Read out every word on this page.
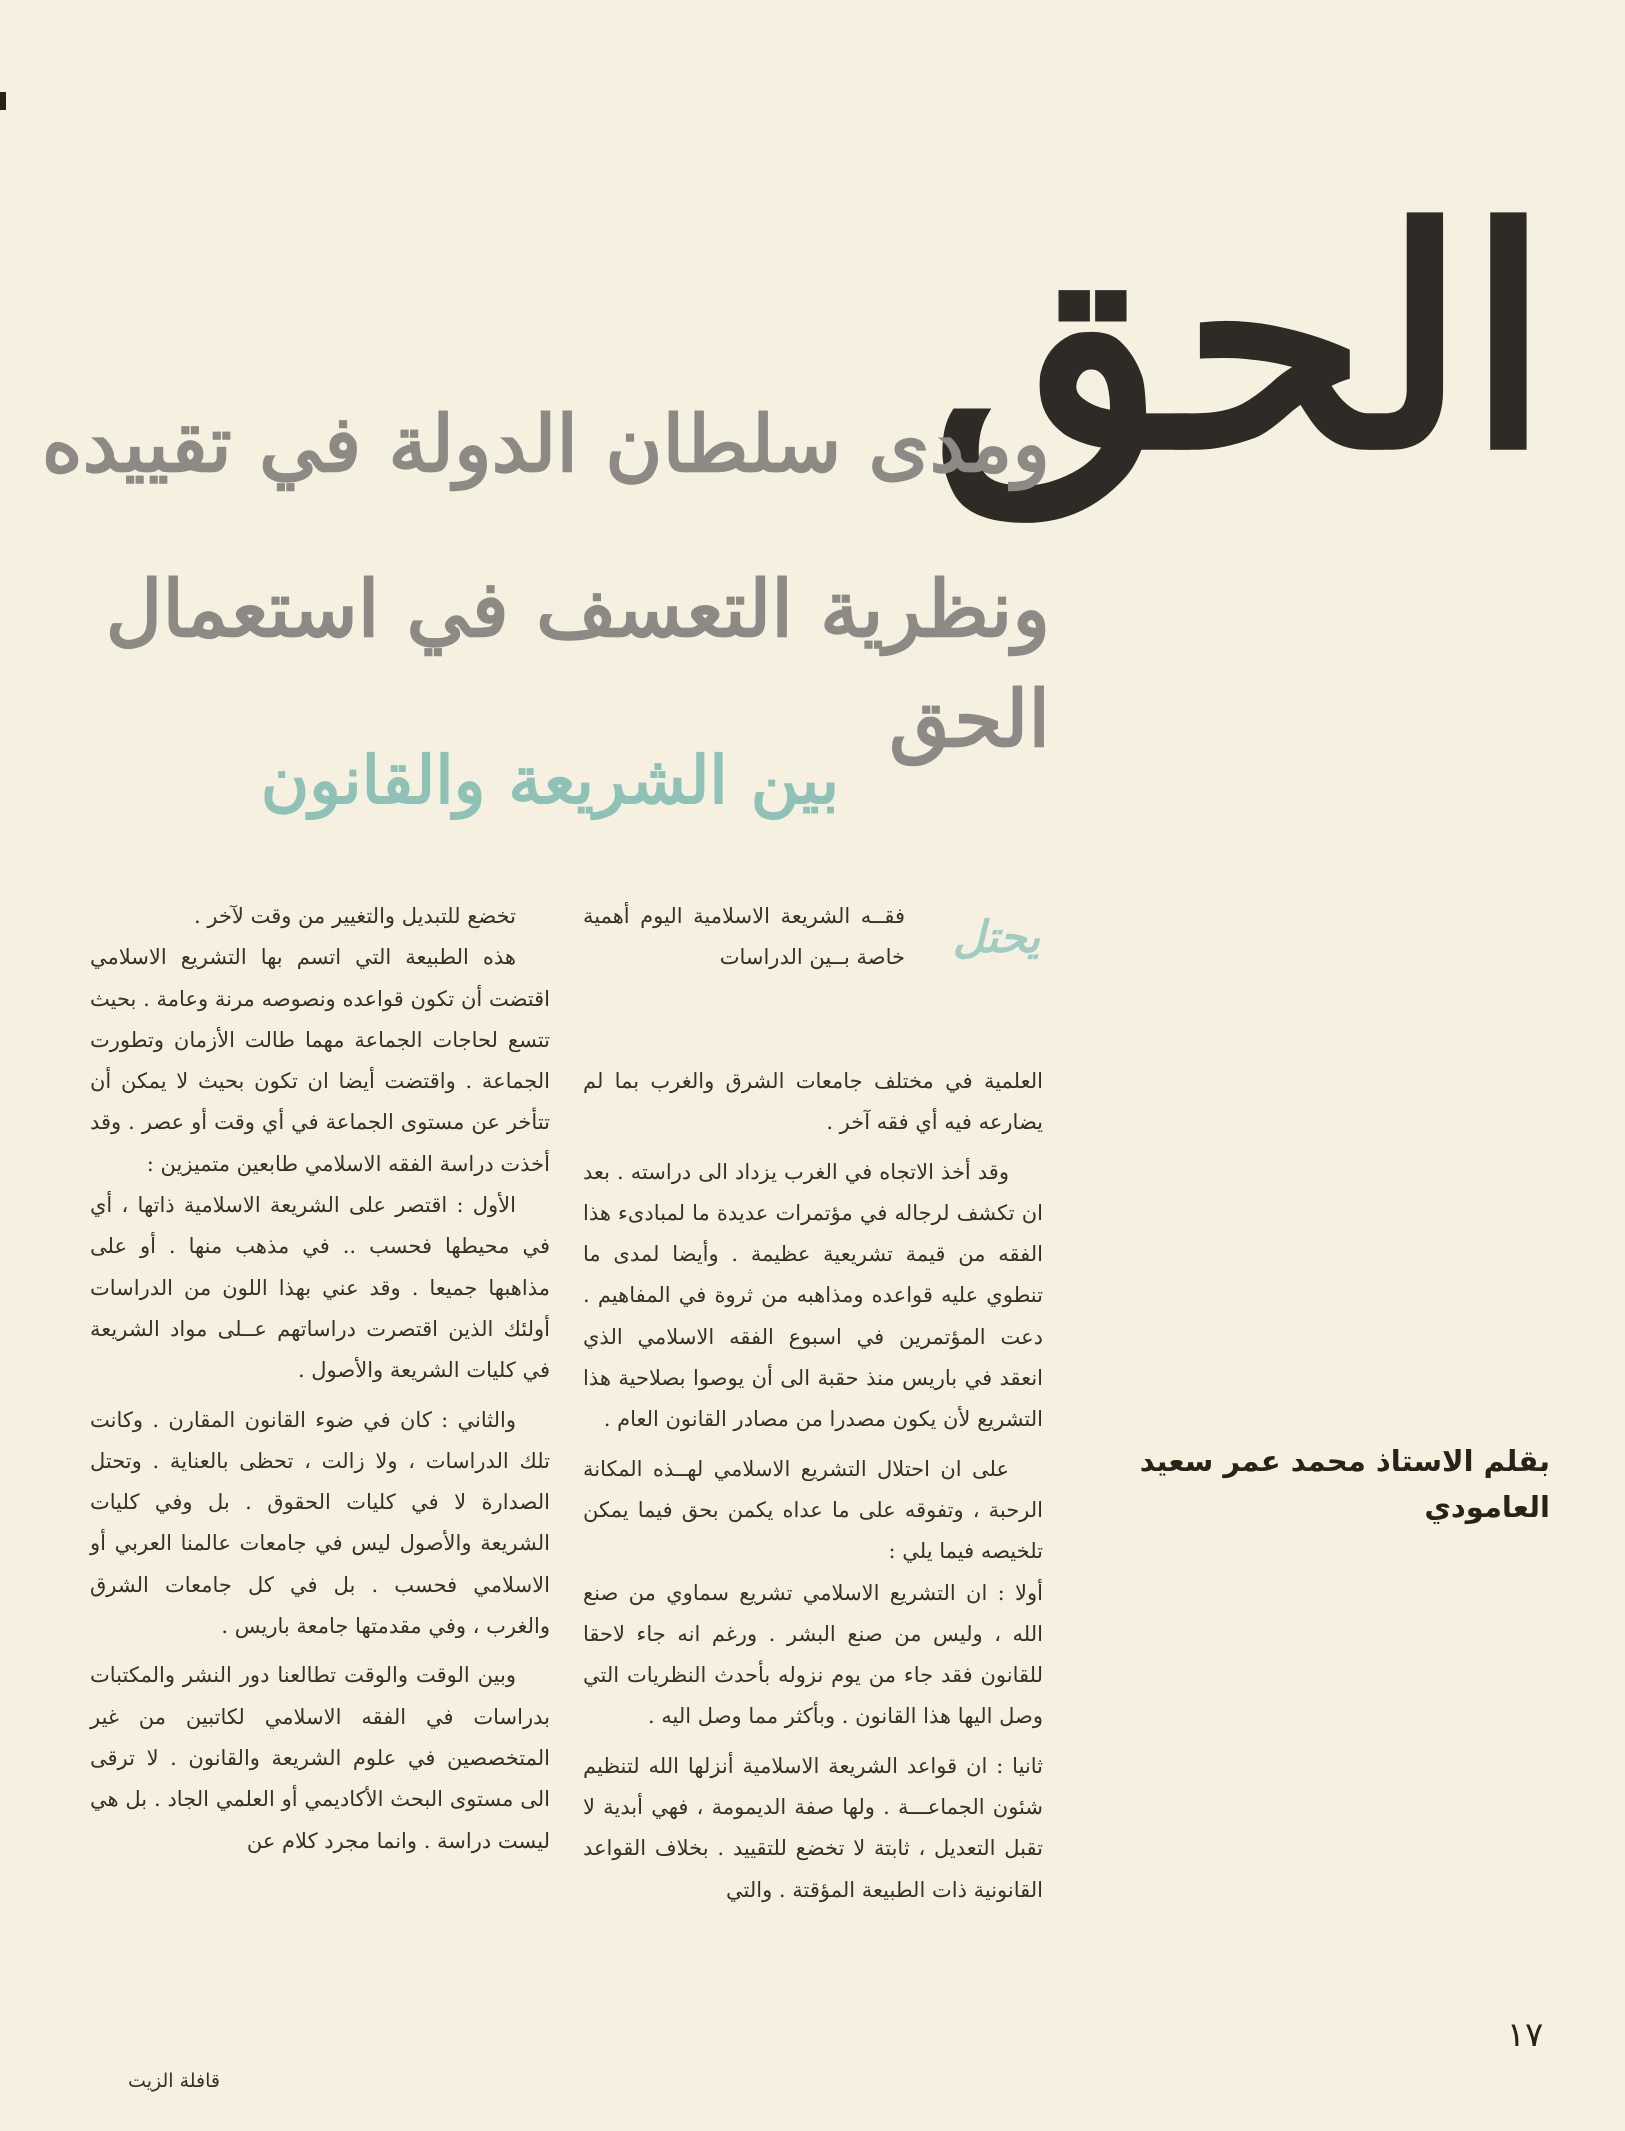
الحق
ومدى سلطان الدولة في تقييده
ونظرية التعسف في استعمال الحق
بين الشريعة والقانون
بقلم الاستاذ محمد عمر سعيد العامودي
يحتل
فقــه الشريعة الاسلامية اليوم أهمية خاصة بــين الدراسات

العلمية في مختلف جامعات الشرق والغرب بما لم يضارعه فيه أي فقه آخر .

وقد أخذ الاتجاه في الغرب يزداد الى دراسته . بعد ان تكشف لرجاله في مؤتمرات عديدة ما لمبادىء هذا الفقه من قيمة تشريعية عظيمة . وأيضا لمدى ما تنطوي عليه قواعده ومذاهبه من ثروة في المفاهيم . دعت المؤتمرين في اسبوع الفقه الاسلامي الذي انعقد في باريس منذ حقبة الى أن يوصوا بصلاحية هذا التشريع لأن يكون مصدرا من مصادر القانون العام .

على ان احتلال التشريع الاسلامي لهــذه المكانة الرحبة ، وتفوقه على ما عداه يكمن بحق فيما يمكن تلخيصه فيما يلي :

أولا : ان التشريع الاسلامي تشريع سماوي من صنع الله ، وليس من صنع البشر . ورغم انه جاء لاحقا للقانون فقد جاء من يوم نزوله بأحدث النظريات التي وصل اليها هذا القانون . وبأكثر مما وصل اليه .

ثانيا : ان قواعد الشريعة الاسلامية أنزلها الله لتنظيم شئون الجماعـــة . ولها صفة الديمومة ، فهي أبدية لا تقبل التعديل ، ثابتة لا تخضع للتقييد . بخلاف القواعد القانونية ذات الطبيعة المؤقتة . والتي

تخضع للتبديل والتغيير من وقت لآخر .

هذه الطبيعة التي اتسم بها التشريع الاسلامي اقتضت أن تكون قواعده ونصوصه مرنة وعامة . بحيث تتسع لحاجات الجماعة مهما طالت الأزمان وتطورت الجماعة . واقتضت أيضا ان تكون بحيث لا يمكن أن تتأخر عن مستوى الجماعة في أي وقت أو عصر . وقد أخذت دراسة الفقه الاسلامي طابعين متميزين :

الأول : اقتصر على الشريعة الاسلامية ذاتها ، أي في محيطها فحسب .. في مذهب منها . أو على مذاهبها جميعا . وقد عني بهذا اللون من الدراسات أولئك الذين اقتصرت دراساتهم عــلى مواد الشريعة في كليات الشريعة والأصول .

والثاني : كان في ضوء القانون المقارن . وكانت تلك الدراسات ، ولا زالت ، تحظى بالعناية . وتحتل الصدارة لا في كليات الحقوق . بل وفي كليات الشريعة والأصول ليس في جامعات عالمنا العربي أو الاسلامي فحسب . بل في كل جامعات الشرق والغرب ، وفي مقدمتها جامعة باريس .

وبين الوقت والوقت تطالعنا دور النشر والمكتبات بدراسات في الفقه الاسلامي لكاتبين من غير المتخصصين في علوم الشريعة والقانون . لا ترقى الى مستوى البحث الأكاديمي أو العلمي الجاد . بل هي ليست دراسة . وانما مجرد كلام عن

١٧
قافلة الزيت
